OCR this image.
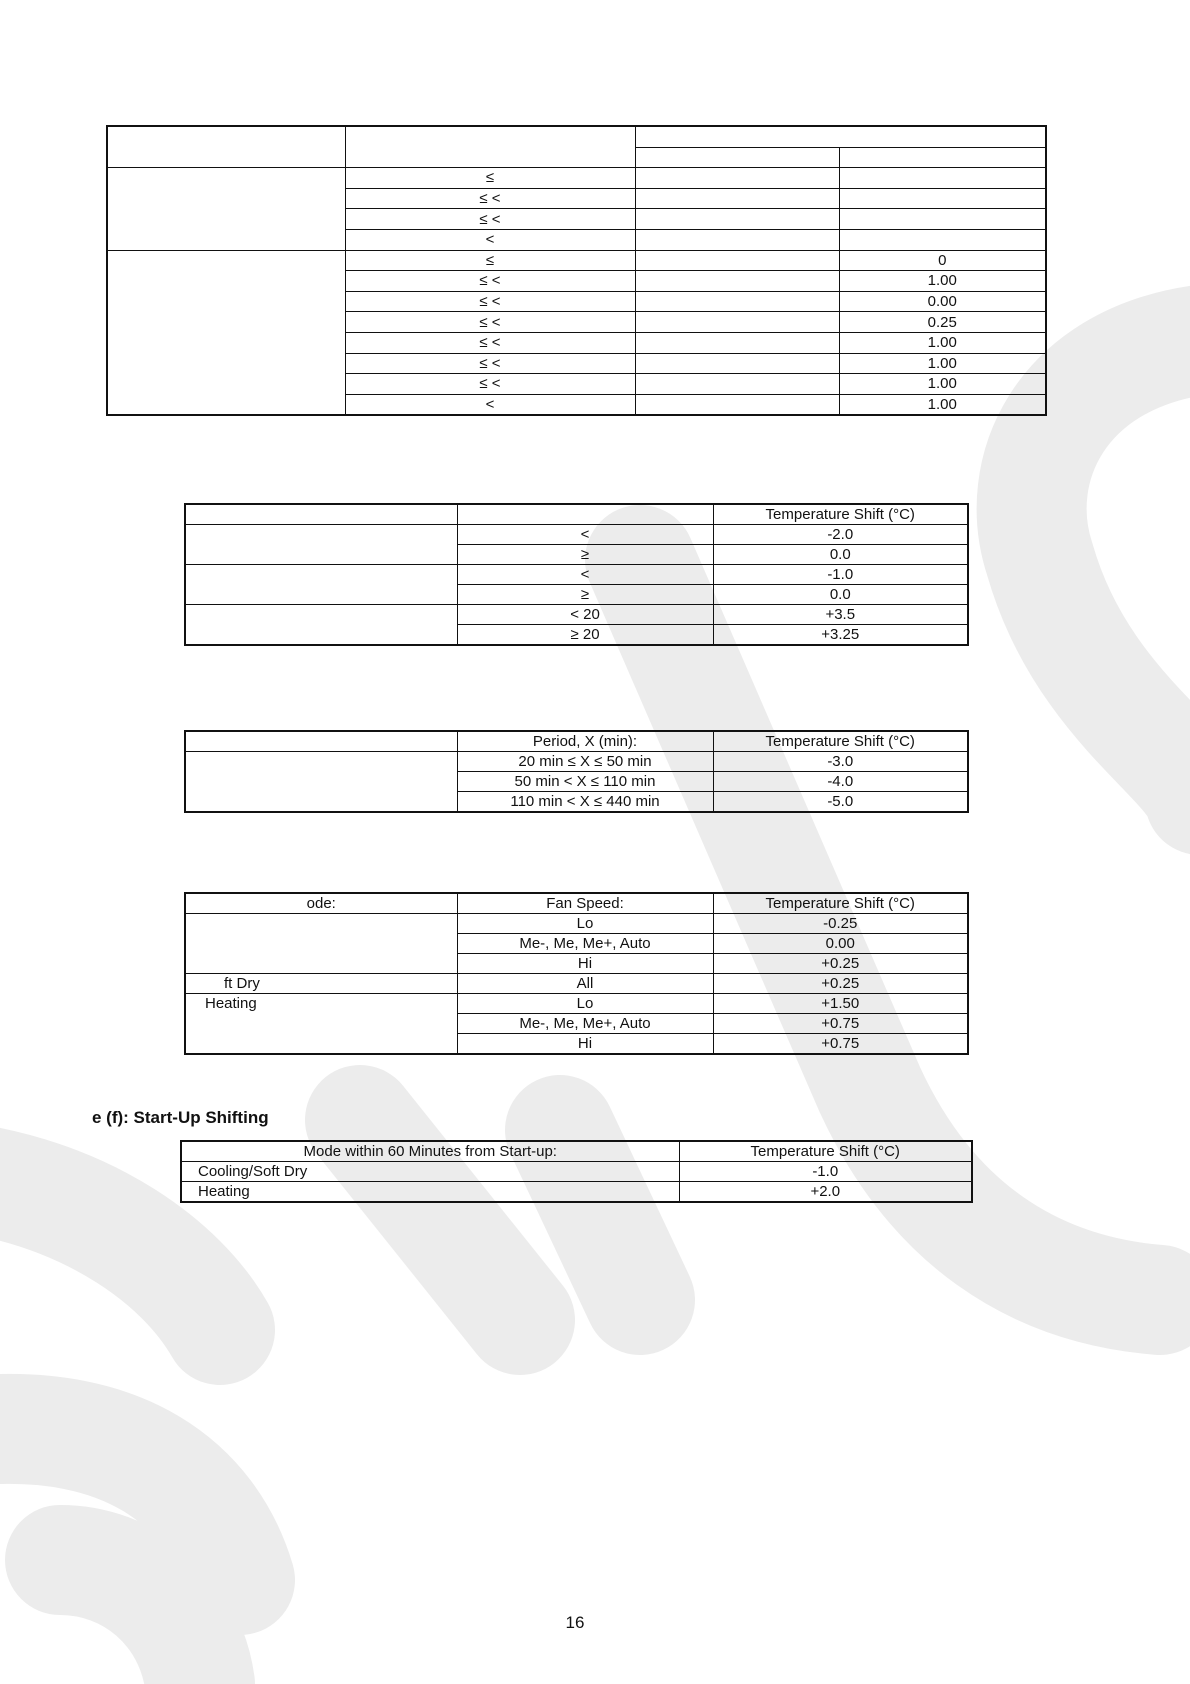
	≤		
	≤ <		
	≤ <		
	<		
	≤		0
	≤ <		1.00
	≤ <		0.00
	≤ <		0.25
	≤ <		1.00
	≤ <		1.00
	≤ <		1.00
	<		1.00
		Temperature Shift (°C)
	<	-2.0
	≥	0.0
	<	-1.0
	≥	0.0
	< 20	+3.5
	≥ 20	+3.25
	Period, X (min):	Temperature Shift (°C)
	20 min ≤ X ≤ 50 min	-3.0
	50 min < X ≤ 110 min	-4.0
	110 min < X ≤ 440 min	-5.0
ode:	Fan Speed:	Temperature Shift (°C)
	Lo	-0.25
	Me-, Me, Me+, Auto	0.00
	Hi	+0.25
ft Dry	All	+0.25
Heating	Lo	+1.50
	Me-, Me, Me+, Auto	+0.75
	Hi	+0.75
e (f): Start-Up Shifting
Mode within 60 Minutes from Start-up:	Temperature Shift (°C)
Cooling/Soft Dry	-1.0
Heating	+2.0
16
